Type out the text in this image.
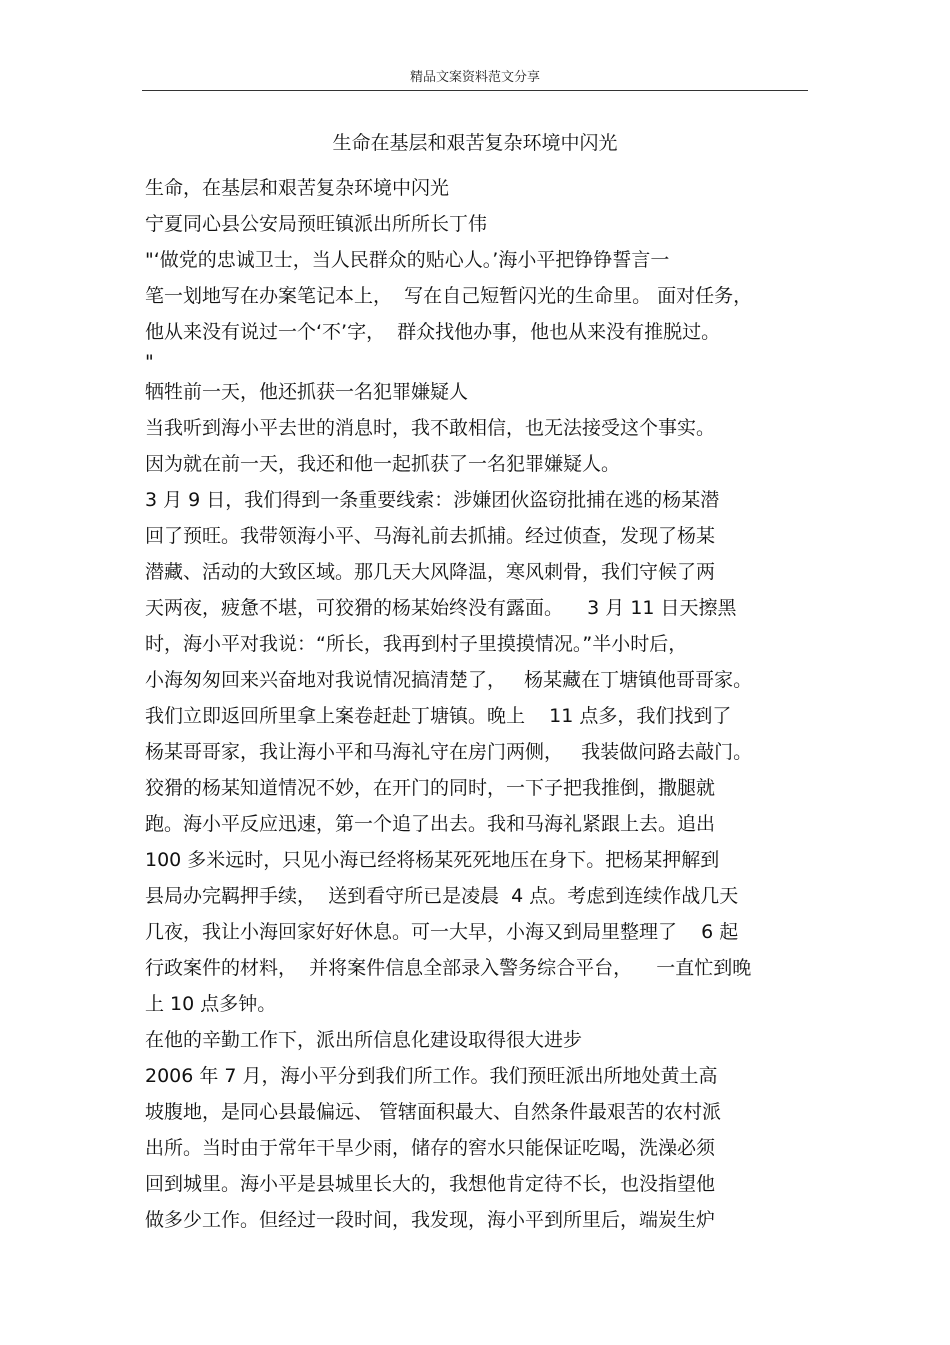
精品文案资料范文分享
生命在基层和艰苦复杂环境中闪光
生命，在基层和艰苦复杂环境中闪光
宁夏同心县公安局预旺镇派出所所长丁伟
"‘做党的忠诚卫士，当人民群众的贴心人。’海小平把铮铮誓言一
笔一划地写在办案笔记本上，  写在自己短暂闪光的生命里。 面对任务，
他从来没有说过一个‘不’字，  群众找他办事，他也从来没有推脱过。
"
牺牲前一天，他还抓获一名犯罪嫌疑人
当我听到海小平去世的消息时，我不敢相信，也无法接受这个事实。
因为就在前一天，我还和他一起抓获了一名犯罪嫌疑人。
3 月 9 日，我们得到一条重要线索：涉嫌团伙盗窃批捕在逃的杨某潜
回了预旺。我带领海小平、马海礼前去抓捕。经过侦查，发现了杨某
潜藏、活动的大致区域。那几天大风降温，寒风刺骨，我们守候了两
天两夜，疲惫不堪，可狡猾的杨某始终没有露面。    3 月 11 日天擦黑
时，海小平对我说：“所长，我再到村子里摸摸情况。”半小时后，
小海匆匆回来兴奋地对我说情况搞清楚了，   杨某藏在丁塘镇他哥哥家。
我们立即返回所里拿上案卷赶赴丁塘镇。晚上    11 点多，我们找到了
杨某哥哥家，我让海小平和马海礼守在房门两侧，   我装做问路去敲门。
狡猾的杨某知道情况不妙，在开门的同时，一下子把我推倒，撒腿就
跑。海小平反应迅速，第一个追了出去。我和马海礼紧跟上去。追出
100 多米远时，只见小海已经将杨某死死地压在身下。把杨某押解到
县局办完羁押手续，  送到看守所已是凌晨  4 点。考虑到连续作战几天
几夜，我让小海回家好好休息。可一大早，小海又到局里整理了    6 起
行政案件的材料，  并将案件信息全部录入警务综合平台，    一直忙到晚
上 10 点多钟。
在他的辛勤工作下，派出所信息化建设取得很大进步
2006 年 7 月，海小平分到我们所工作。我们预旺派出所地处黄土高
坡腹地，是同心县最偏远、 管辖面积最大、自然条件最艰苦的农村派
出所。当时由于常年干旱少雨，储存的窖水只能保证吃喝，洗澡必须
回到城里。海小平是县城里长大的，我想他肯定待不长，也没指望他
做多少工作。但经过一段时间，我发现，海小平到所里后，端炭生炉
